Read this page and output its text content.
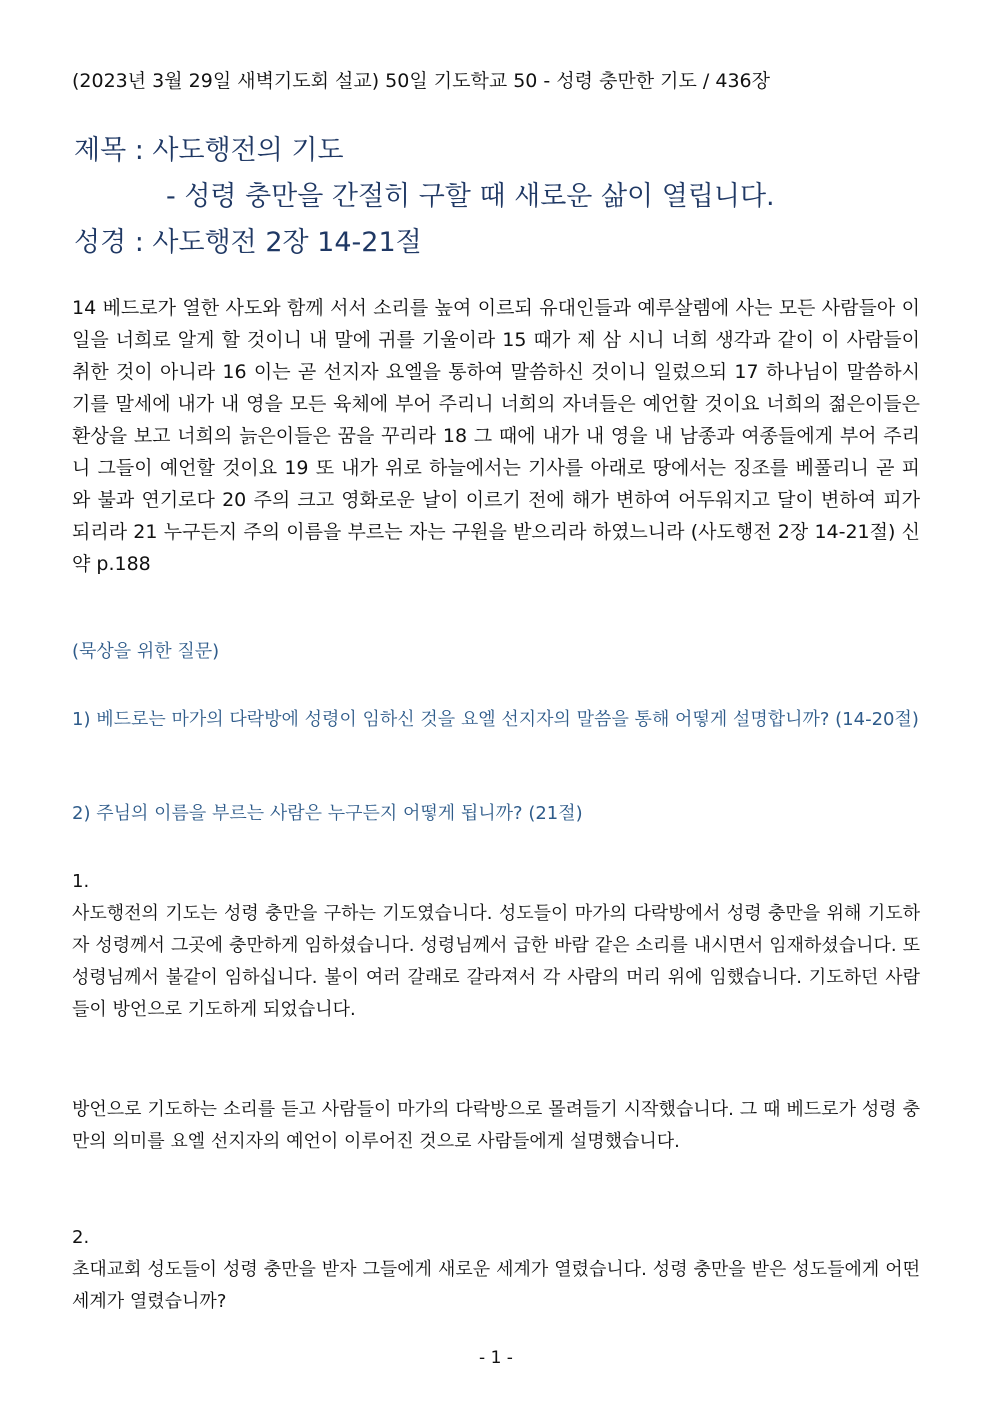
(2023년 3월 29일 새벽기도회 설교) 50일 기도학교 50 - 성령 충만한 기도 / 436장
제목 : 사도행전의 기도
- 성령 충만을 간절히 구할 때 새로운 삶이 열립니다.
성경 : 사도행전 2장 14-21절
14 베드로가 열한 사도와 함께 서서 소리를 높여 이르되 유대인들과 예루살렘에 사는 모든 사람들아 이 일을 너희로 알게 할 것이니 내 말에 귀를 기울이라 15 때가 제 삼 시니 너희 생각과 같이 이 사람들이 취한 것이 아니라 16 이는 곧 선지자 요엘을 통하여 말씀하신 것이니 일렀으되 17 하나님이 말씀하시기를 말세에 내가 내 영을 모든 육체에 부어 주리니 너희의 자녀들은 예언할 것이요 너희의 젊은이들은 환상을 보고 너희의 늙은이들은 꿈을 꾸리라 18 그 때에 내가 내 영을 내 남종과 여종들에게 부어 주리니 그들이 예언할 것이요 19 또 내가 위로 하늘에서는 기사를 아래로 땅에서는 징조를 베풀리니 곧 피와 불과 연기로다 20 주의 크고 영화로운 날이 이르기 전에 해가 변하여 어두워지고 달이 변하여 피가 되리라 21 누구든지 주의 이름을 부르는 자는 구원을 받으리라 하였느니라 (사도행전 2장 14-21절) 신약 p.188
(묵상을 위한 질문)
1) 베드로는 마가의 다락방에 성령이 임하신 것을 요엘 선지자의 말씀을 통해 어떻게 설명합니까? (14-20절)
2) 주님의 이름을 부르는 사람은 누구든지 어떻게 됩니까? (21절)
1.
사도행전의 기도는 성령 충만을 구하는 기도였습니다. 성도들이 마가의 다락방에서 성령 충만을 위해 기도하자 성령께서 그곳에 충만하게 임하셨습니다. 성령님께서 급한 바람 같은 소리를 내시면서 임재하셨습니다. 또 성령님께서 불같이 임하십니다. 불이 여러 갈래로 갈라져서 각 사람의 머리 위에 임했습니다. 기도하던 사람들이 방언으로 기도하게 되었습니다.
방언으로 기도하는 소리를 듣고 사람들이 마가의 다락방으로 몰려들기 시작했습니다. 그 때 베드로가 성령 충만의 의미를 요엘 선지자의 예언이 이루어진 것으로 사람들에게 설명했습니다.
2.
초대교회 성도들이 성령 충만을 받자 그들에게 새로운 세계가 열렸습니다. 성령 충만을 받은 성도들에게 어떤 세계가 열렸습니까?
- 1 -
